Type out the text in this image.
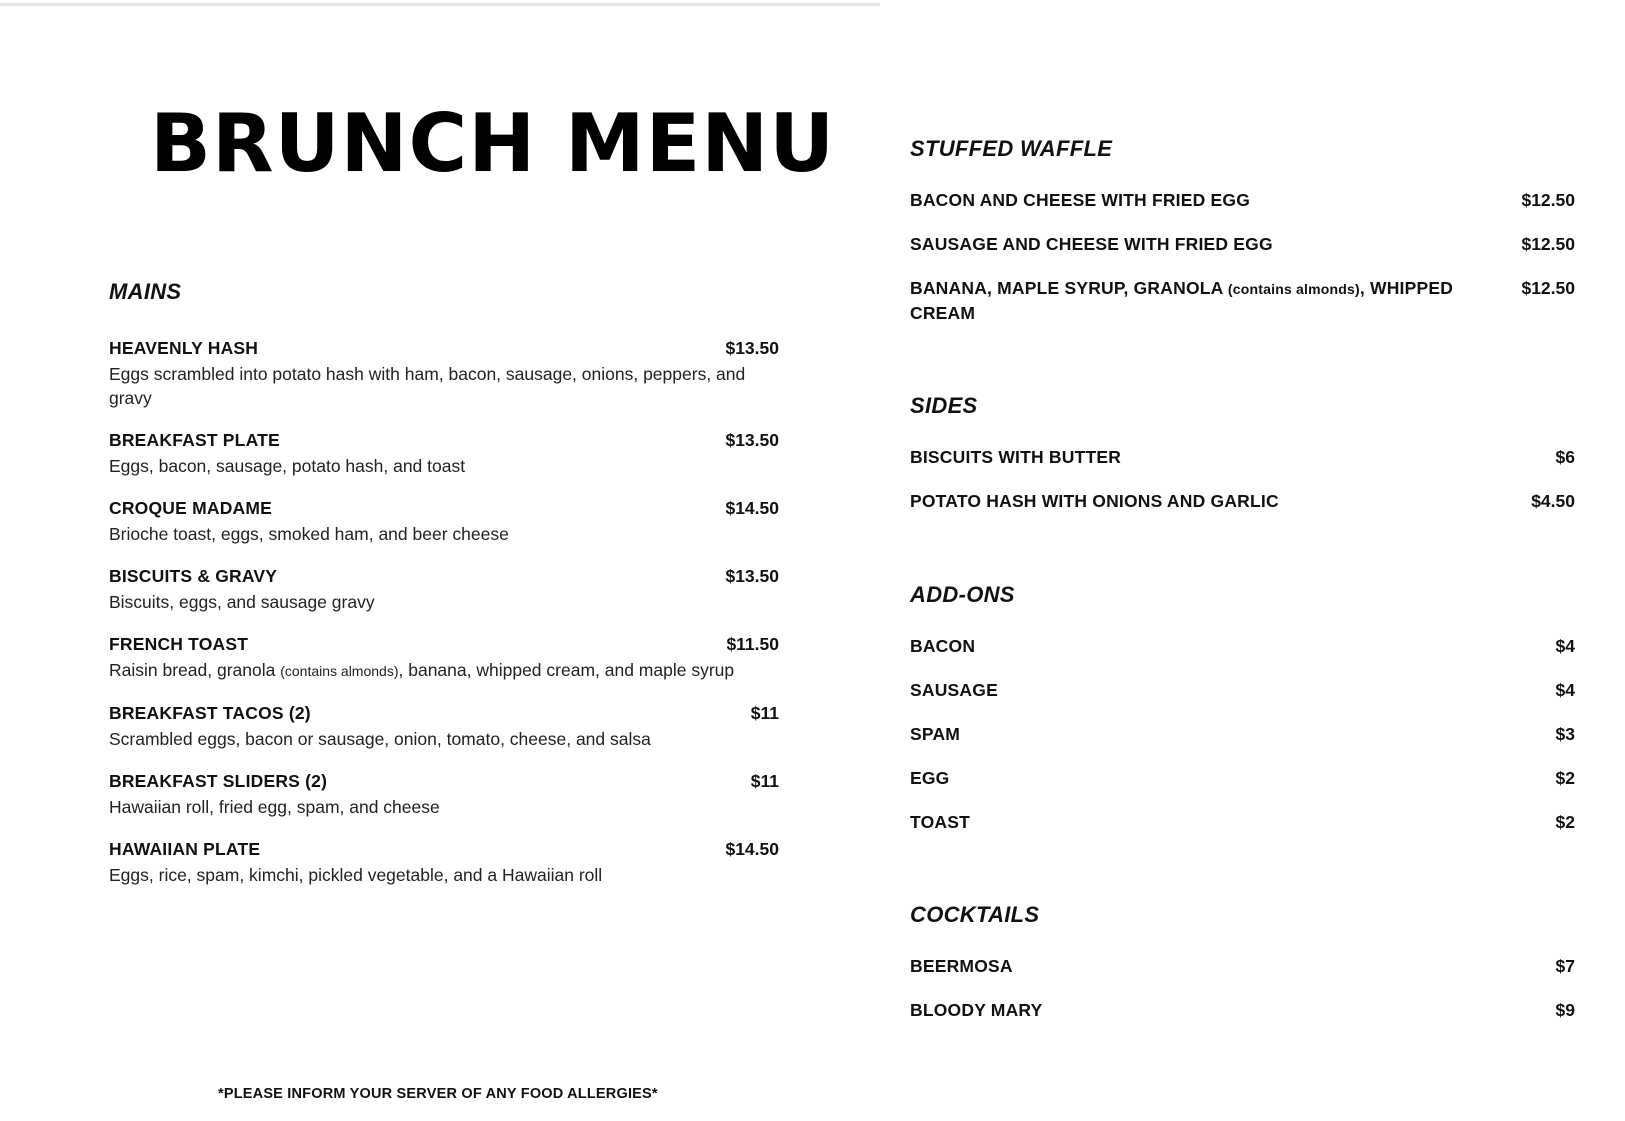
BRUNCH MENU
MAINS
HEAVENLY HASH	$13.50
Eggs scrambled into potato hash with ham, bacon, sausage, onions, peppers, and gravy
BREAKFAST PLATE	$13.50
Eggs, bacon, sausage, potato hash, and toast
CROQUE MADAME	$14.50
Brioche toast, eggs, smoked ham, and beer cheese
BISCUITS & GRAVY	$13.50
Biscuits, eggs, and sausage gravy
FRENCH TOAST	$11.50
Raisin bread, granola (contains almonds), banana, whipped cream, and maple syrup
BREAKFAST TACOS (2)	$11
Scrambled eggs, bacon or sausage, onion, tomato, cheese, and salsa
BREAKFAST SLIDERS (2)	$11
Hawaiian roll, fried egg, spam, and cheese
HAWAIIAN PLATE	$14.50
Eggs, rice, spam, kimchi, pickled vegetable, and a Hawaiian roll
*PLEASE INFORM YOUR SERVER OF ANY FOOD ALLERGIES*
STUFFED WAFFLE
BACON AND CHEESE WITH FRIED EGG	$12.50
SAUSAGE AND CHEESE WITH FRIED EGG	$12.50
BANANA, MAPLE SYRUP, GRANOLA (contains almonds), WHIPPED CREAM
$12.50
SIDES
BISCUITS WITH BUTTER	$6
POTATO HASH WITH ONIONS AND GARLIC	$4.50
ADD-ONS
BACON	$4
SAUSAGE	$4
SPAM	$3
EGG	$2
TOAST	$2
COCKTAILS
BEERMOSA	$7
BLOODY MARY	$9
